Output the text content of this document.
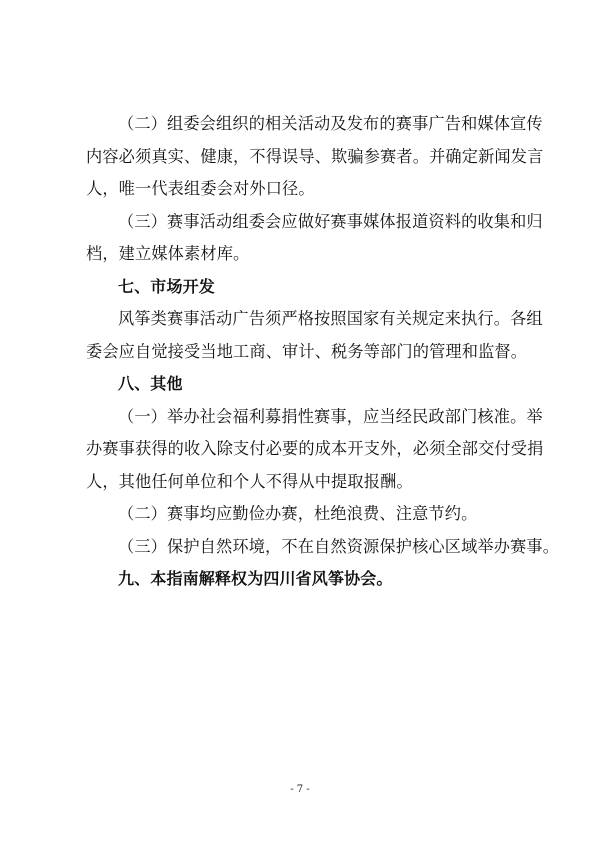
（二）组委会组织的相关活动及发布的赛事广告和媒体宣传
内容必须真实、健康，不得误导、欺骗参赛者。并确定新闻发言
人，唯一代表组委会对外口径。
（三）赛事活动组委会应做好赛事媒体报道资料的收集和归
档，建立媒体素材库。
七、市场开发
风筝类赛事活动广告须严格按照国家有关规定来执行。各组
委会应自觉接受当地工商、审计、税务等部门的管理和监督。
八、其他
（一）举办社会福利募捐性赛事，应当经民政部门核准。举
办赛事获得的收入除支付必要的成本开支外，必须全部交付受捐
人，其他任何单位和个人不得从中提取报酬。
（二）赛事均应勤俭办赛，杜绝浪费、注意节约。
（三）保护自然环境，不在自然资源保护核心区域举办赛事。
九、本指南解释权为四川省风筝协会。
- 7 -
